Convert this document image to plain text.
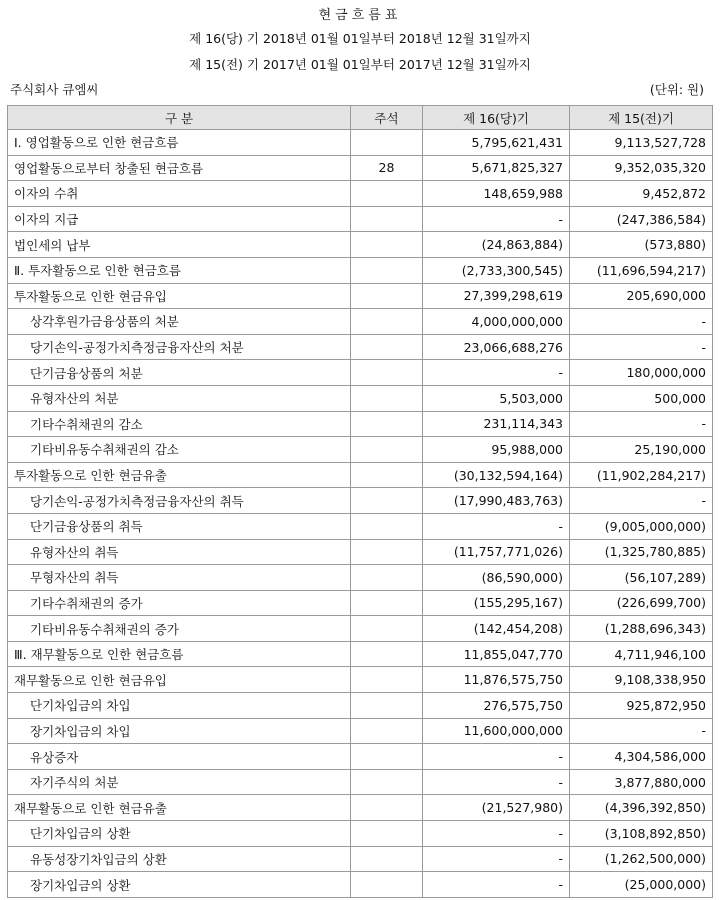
현금흐름표
제 16(당) 기 2018년 01월 01일부터 2018년 12월 31일까지
제 15(전) 기 2017년 01월 01일부터 2017년 12월 31일까지
주식회사 큐엠씨	(단위: 원)
구 분	주석	제 16(당)기	제 15(전)기
Ⅰ. 영업활동으로 인한 현금흐름		5,795,621,431	9,113,527,728
영업활동으로부터 창출된 현금흐름	28	5,671,825,327	9,352,035,320
이자의 수취		148,659,988	9,452,872
이자의 지급		-	(247,386,584)
법인세의 납부		(24,863,884)	(573,880)
Ⅱ. 투자활동으로 인한 현금흐름		(2,733,300,545)	(11,696,594,217)
투자활동으로 인한 현금유입		27,399,298,619	205,690,000
상각후원가금융상품의 처분		4,000,000,000	-
당기손익-공정가치측정금융자산의 처분		23,066,688,276	-
단기금융상품의 처분		-	180,000,000
유형자산의 처분		5,503,000	500,000
기타수취채권의 감소		231,114,343	-
기타비유동수취채권의 감소		95,988,000	25,190,000
투자활동으로 인한 현금유출		(30,132,594,164)	(11,902,284,217)
당기손익-공정가치측정금융자산의 취득		(17,990,483,763)	-
단기금융상품의 취득		-	(9,005,000,000)
유형자산의 취득		(11,757,771,026)	(1,325,780,885)
무형자산의 취득		(86,590,000)	(56,107,289)
기타수취채권의 증가		(155,295,167)	(226,699,700)
기타비유동수취채권의 증가		(142,454,208)	(1,288,696,343)
Ⅲ. 재무활동으로 인한 현금흐름		11,855,047,770	4,711,946,100
재무활동으로 인한 현금유입		11,876,575,750	9,108,338,950
단기차입금의 차입		276,575,750	925,872,950
장기차입금의 차입		11,600,000,000	-
유상증자		-	4,304,586,000
자기주식의 처분		-	3,877,880,000
재무활동으로 인한 현금유출		(21,527,980)	(4,396,392,850)
단기차입금의 상환		-	(3,108,892,850)
유동성장기차입금의 상환		-	(1,262,500,000)
장기차입금의 상환		-	(25,000,000)
